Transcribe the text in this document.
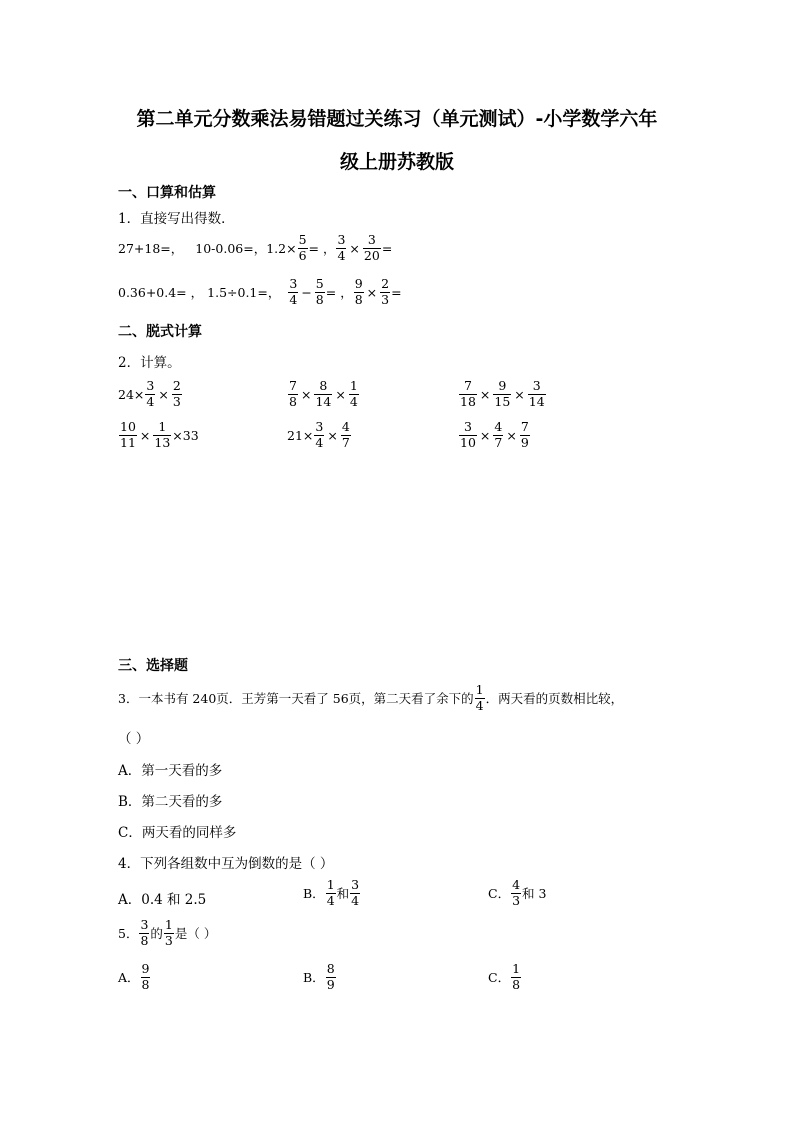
第二单元分数乘法易错题过关练习（单元测试）-小学数学六年
级上册苏教版
一、口算和估算
1．直接写出得数．
27+18=， 10-0.06= ，$1.2\times \frac{5}{6}$ = ， $\frac{3}{4} \times \frac{3}{20}$ =
0.36+0.4= ， 1.5÷0.1=， $\frac{3}{4} - \frac{5}{8}$ = ， $\frac{9}{8} \times \frac{2}{3}$ =
二、脱式计算
2．计算。
$24\times \frac{3}{4} \times \frac{2}{3}$	$\frac{7}{8} \times \frac{8}{14} \times \frac{1}{4}$	$\frac{7}{18} \times \frac{9}{15} \times \frac{3}{14}$
$\frac{10}{11} \times \frac{1}{13} \times 33$	$21\times \frac{3}{4} \times \frac{4}{7}$	$\frac{3}{10} \times \frac{4}{7} \times \frac{7}{9}$
三、选择题
3．一本书有 240页．王芳第一天看了 56页，第二天看了余下的 $\frac{1}{4}$ ．两天看的页数相比较，
（ ）
A．第一天看的多
B．第二天看的多
C．两天看的同样多
4．下列各组数中互为倒数的是（ ）
A．0.4 和 2.5	B． $\frac{1}{4}$ 和 $\frac{3}{4}$	C． $\frac{4}{3}$ 和 3
5． $\frac{3}{8}$ 的 $\frac{1}{3}$ 是（ ）
A． $\frac{9}{8}$	B． $\frac{8}{9}$	C． $\frac{1}{8}$
